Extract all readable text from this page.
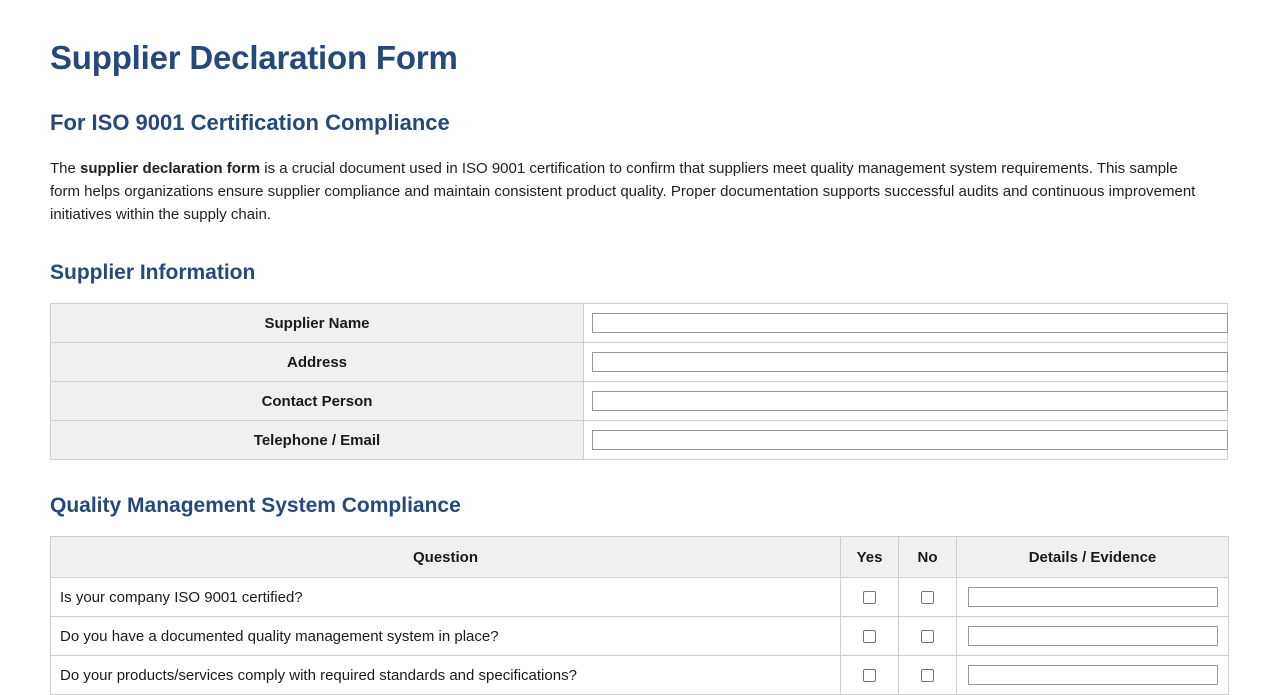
Supplier Declaration Form
For ISO 9001 Certification Compliance

The supplier declaration form is a crucial document used in ISO 9001 certification to confirm that suppliers meet quality management system requirements. This sample form helps organizations ensure supplier compliance and maintain consistent product quality. Proper documentation supports successful audits and continuous improvement initiatives within the supply chain.

Supplier Information
Supplier Name	
Address	
Contact Person	
Telephone / Email	
Quality Management System Compliance
Question	Yes	No	Details / Evidence
Is your company ISO 9001 certified?			
Do you have a documented quality management system in place?			
Do your products/services comply with required standards and specifications?			
